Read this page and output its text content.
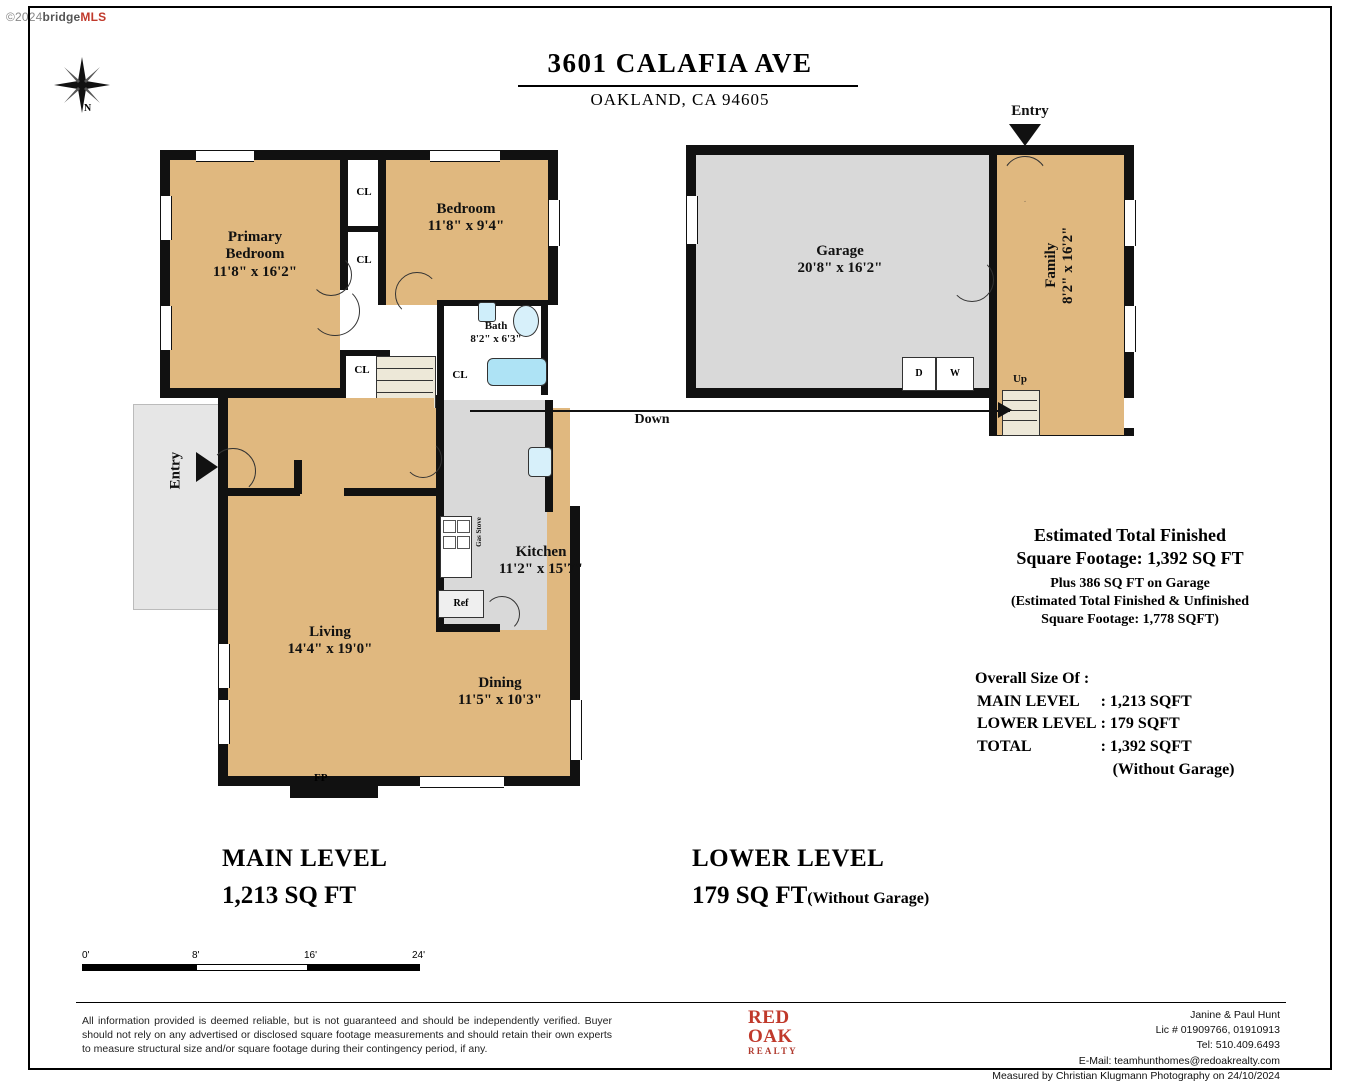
©2024bridgeMLS
3601 CALAFIA AVE
OAKLAND, CA 94605
N
Primary
Bedroom
11'8" x 16'2"
Bedroom
11'8" x 9'4"
CL
CL
Bath
8'2" x 6'3"
CL	CL
Entry
Living
14'4" x 19'0"
Dining
11'5" x 10'3"
FP
Kitchen
11'2" x 15'7"
Ref
Gas Stove
Garage
20'8" x 16'2"	Family
8'2" x 16'2"
D	W	Up
Entry
Down
Estimated Total Finished
Square Footage: 1,392 SQ FT
Plus 386 SQ FT on Garage
(Estimated Total Finished & Unfinished
Square Footage: 1,778 SQFT)
Overall Size Of :
MAIN LEVEL	: 1,213 SQFT
LOWER LEVEL	: 179 SQFT
TOTAL	: 1,392 SQFT
	(Without Garage)
MAIN LEVEL
1,213 SQ FT
LOWER LEVEL
179 SQ FT(Without Garage)
0'	8'	16'	24'
All information provided is deemed reliable, but is not guaranteed and should be independently verified. Buyer should not rely on any advertised or disclosed square footage measurements and should retain their own experts to measure structural size and/or square footage during their contingency period, if any.
RED
OAK
REALTY
Janine & Paul Hunt
Lic # 01909766, 01910913
Tel: 510.409.6493
E-Mail: teamhunthomes@redoakrealty.com
Measured by Christian Klugmann Photography on 24/10/2024
